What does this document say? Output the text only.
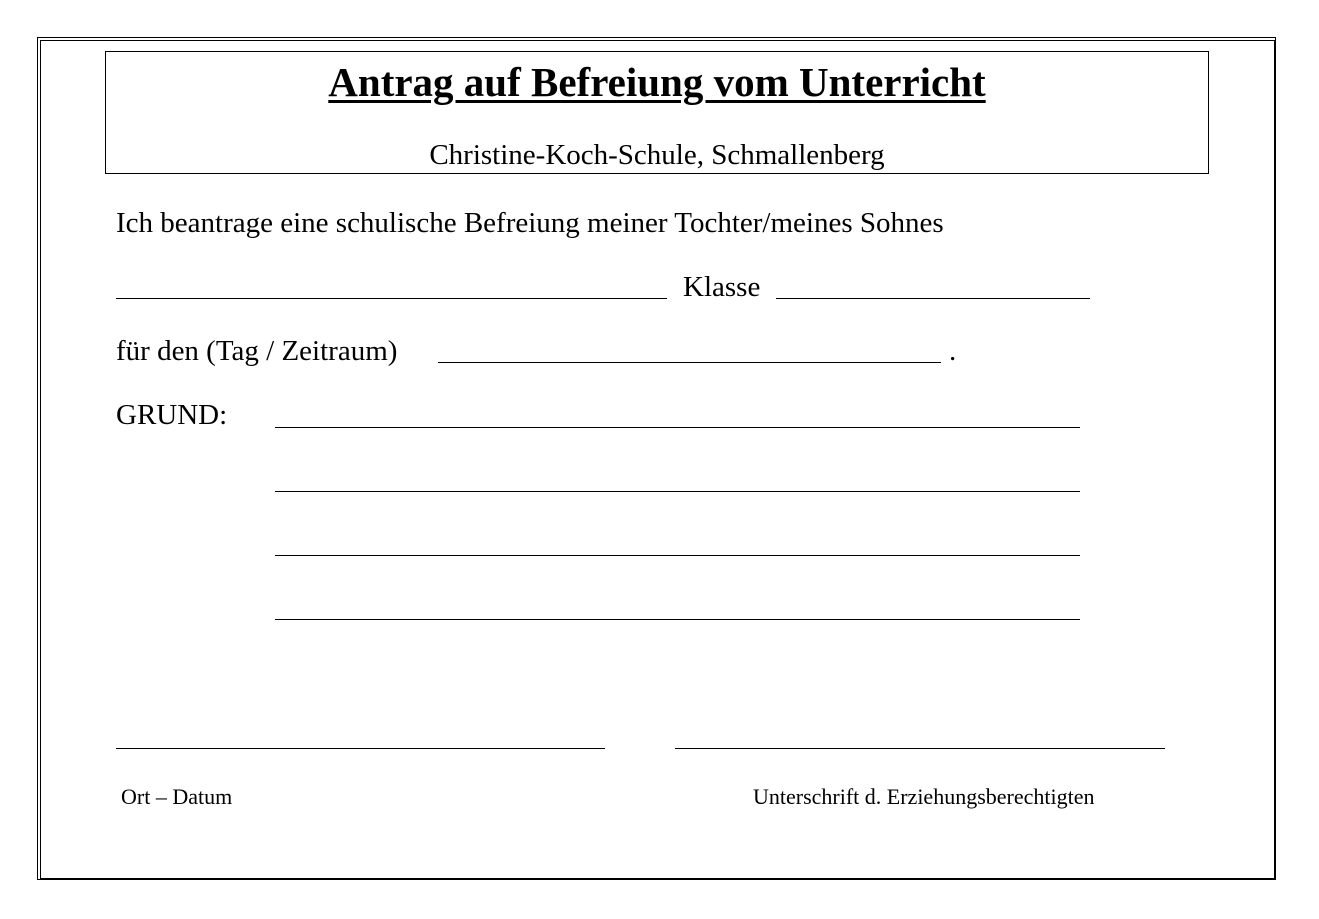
Antrag auf Befreiung vom Unterricht
Christine-Koch-Schule, Schmallenberg
Ich beantrage eine schulische Befreiung meiner Tochter/meines Sohnes
Klasse
für den (Tag / Zeitraum)	.
GRUND:
Ort – Datum	Unterschrift d. Erziehungsberechtigten
